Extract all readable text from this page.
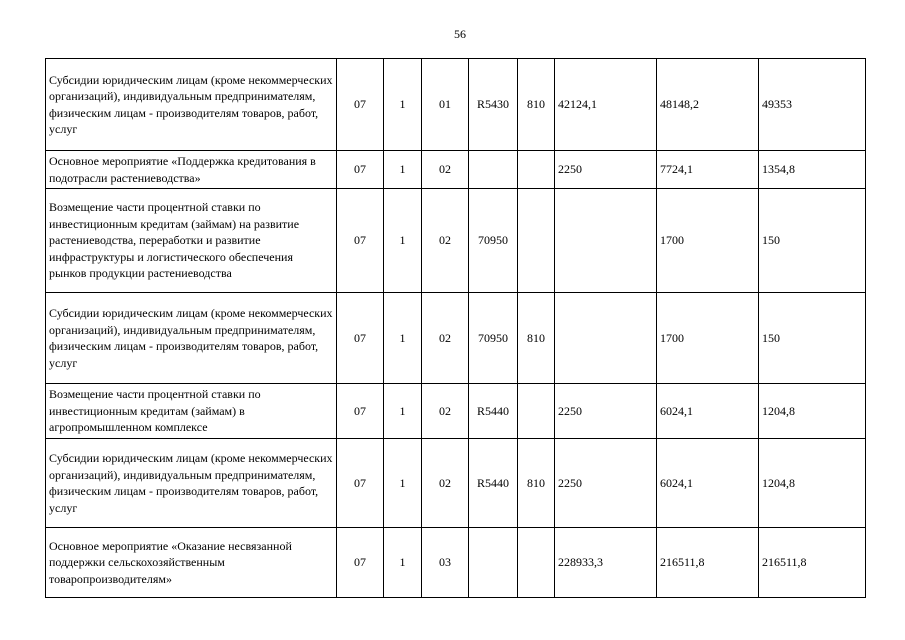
56
Субсидии юридическим лицам (кроме некоммерческих организаций), индивидуальным предпринимателям, физическим лицам - производителям товаров, работ, услуг	07	1	01	R5430	810	42124,1	48148,2	49353
Основное мероприятие «Поддержка кредитования в подотрасли растениеводства»	07	1	02			2250	7724,1	1354,8
Возмещение части процентной ставки по инвестиционным кредитам (займам) на развитие растениеводства, переработки и развитие инфраструктуры и логистического обеспечения рынков продукции растениеводства	07	1	02	70950			1700	150
Субсидии юридическим лицам (кроме некоммерческих организаций), индивидуальным предпринимателям, физическим лицам - производителям товаров, работ, услуг	07	1	02	70950	810		1700	150
Возмещение части процентной ставки по инвестиционным кредитам (займам) в агропромышленном комплексе	07	1	02	R5440		2250	6024,1	1204,8
Субсидии юридическим лицам (кроме некоммерческих организаций), индивидуальным предпринимателям, физическим лицам - производителям товаров, работ, услуг	07	1	02	R5440	810	2250	6024,1	1204,8
Основное мероприятие «Оказание несвязанной поддержки сельскохозяйственным товаропроизводителям»	07	1	03			228933,3	216511,8	216511,8
